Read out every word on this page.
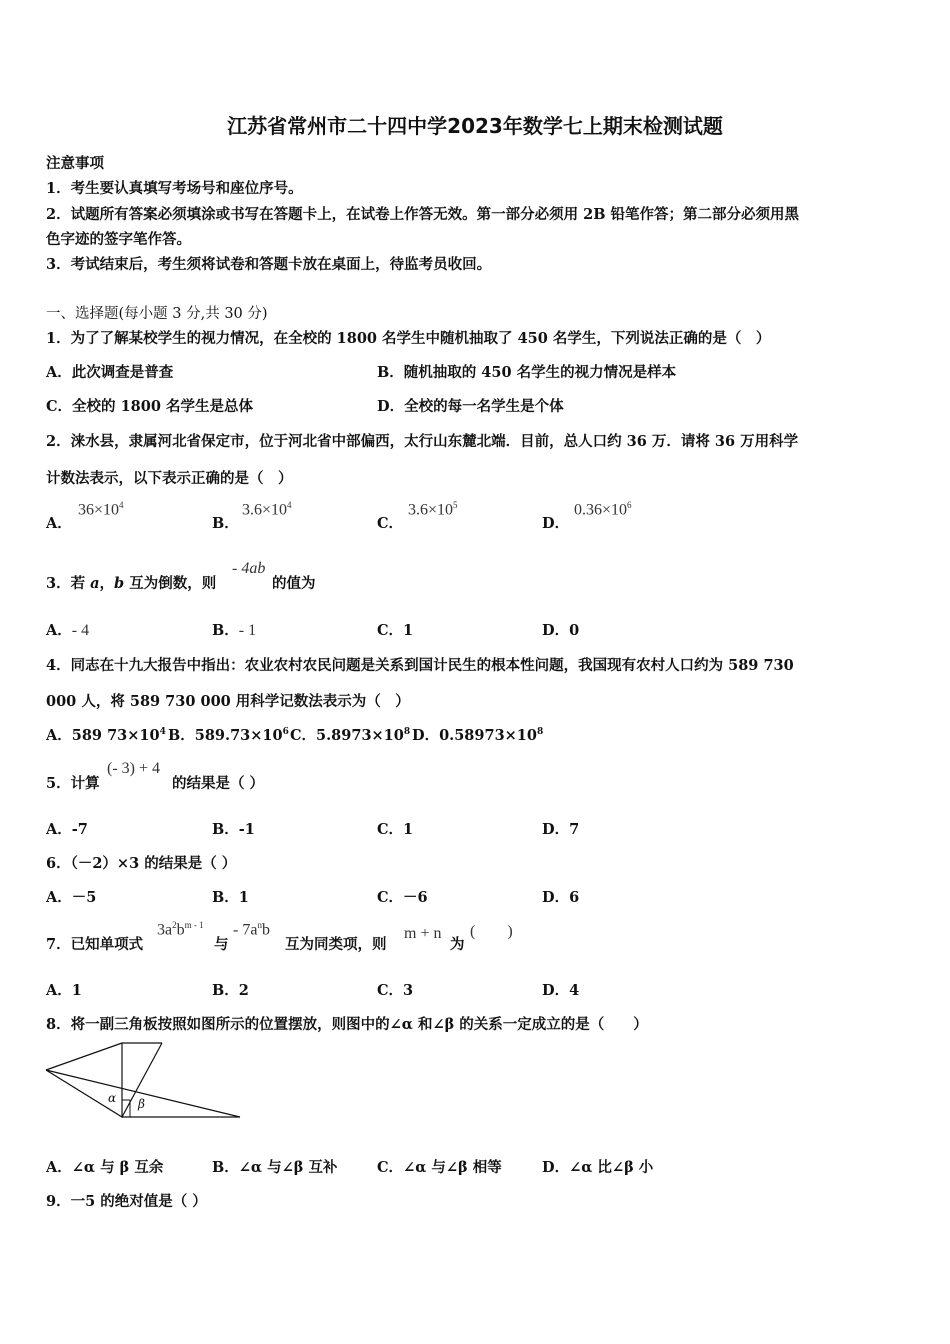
江苏省常州市二十四中学2023年数学七上期末检测试题
注意事项
1．考生要认真填写考场号和座位序号。
2．试题所有答案必须填涂或书写在答题卡上，在试卷上作答无效。第一部分必须用 2B 铅笔作答；第二部分必须用黑
色字迹的签字笔作答。
3．考试结束后，考生须将试卷和答题卡放在桌面上，待监考员收回。
一、选择题(每小题 3 分,共 30 分)
1．为了了解某校学生的视力情况，在全校的 1800 名学生中随机抽取了 450 名学生，下列说法正确的是（　）
A．此次调查是普查	B．随机抽取的 450 名学生的视力情况是样本
C．全校的 1800 名学生是总体	D．全校的每一名学生是个体
2．涞水县，隶属河北省保定市，位于河北省中部偏西，太行山东麓北端．目前，总人口约 36 万．请将 36 万用科学
计数法表示，以下表示正确的是（　）
A．
$36\times 10^4$
B．
$3.6\times 10^4$
C．
$3.6\times 10^5$
D．
$0.36\times 10^6$
3．若 a，b 互为倒数，则
- 4ab
的值为
A．- 4	B．- 1	C．1	D．0
4．同志在十九大报告中指出：农业农村农民问题是关系到国计民生的根本性问题，我国现有农村人口约为 589 730
000 人，将 589 730 000 用科学记数法表示为（　）
A．589 $73\times 10^4$ B．$589.73\times 10^6$ C．$5.8973\times 10^8$ D．$0.58973\times 10^8$
5．计算
(- 3) + 4
的结果是（ ）
A．-7	B．-1	C．1	D．7
6．（－2）×3 的结果是（ ）
A．－5	B．1	C．－6	D．6
7．已知单项式
$3a^2b^{m - 1}$
与
- $7a^nb$
互为同类项，则
m + n
为
(　　)
A．1	B．2	C．3	D．4
8．将一副三角板按照如图所示的位置摆放，则图中的∠α 和∠β 的关系一定成立的是（　　）
α β
A．∠α 与 β 互余	B．∠α 与∠β 互补	C．∠α 与∠β 相等	D．∠α 比∠β 小
9．一5 的绝对值是（ ）
